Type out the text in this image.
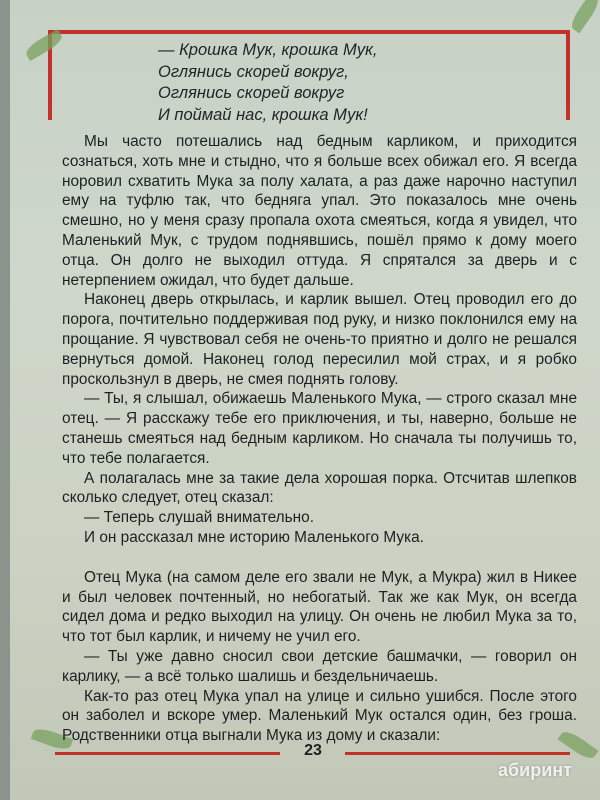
— Крошка Мук, крошка Мук,
Оглянись скорей вокруг,
Оглянись скорей вокруг
И поймай нас, крошка Мук!

Мы часто потешались над бедным карликом, и приходится сознаться, хоть мне и стыдно, что я больше всех обижал его. Я всегда норовил схватить Мука за полу халата, а раз даже нарочно наступил ему на туфлю так, что бедняга упал. Это показалось мне очень смешно, но у меня сразу пропала охота смеяться, когда я увидел, что Маленький Мук, с трудом поднявшись, пошёл прямо к дому моего отца. Он долго не выходил оттуда. Я спрятался за дверь и с нетерпением ожидал, что будет дальше.

Наконец дверь открылась, и карлик вышел. Отец проводил его до порога, почтительно поддерживая под руку, и низко поклонился ему на прощание. Я чувствовал себя не очень-то приятно и долго не решался вернуться домой. Наконец голод пересилил мой страх, и я робко проскользнул в дверь, не смея поднять голову.

— Ты, я слышал, обижаешь Маленького Мука, — строго сказал мне отец. — Я расскажу тебе его приключения, и ты, наверно, больше не станешь смеяться над бедным карликом. Но сначала ты получишь то, что тебе полагается.

А полагалась мне за такие дела хорошая порка. Отсчитав шлепков сколько следует, отец сказал:

— Теперь слушай внимательно.

И он рассказал мне историю Маленького Мука.

Отец Мука (на самом деле его звали не Мук, а Мукра) жил в Никее и был человек почтенный, но небогатый. Так же как Мук, он всегда сидел дома и редко выходил на улицу. Он очень не любил Мука за то, что тот был карлик, и ничему не учил его.

— Ты уже давно сносил свои детские башмачки, — говорил он карлику, — а всё только шалишь и бездельничаешь.

Как-то раз отец Мука упал на улице и сильно ушибся. После этого он заболел и вскоре умер. Маленький Мук остался один, без гроша. Родственники отца выгнали Мука из дому и сказали:

23
абиринт
